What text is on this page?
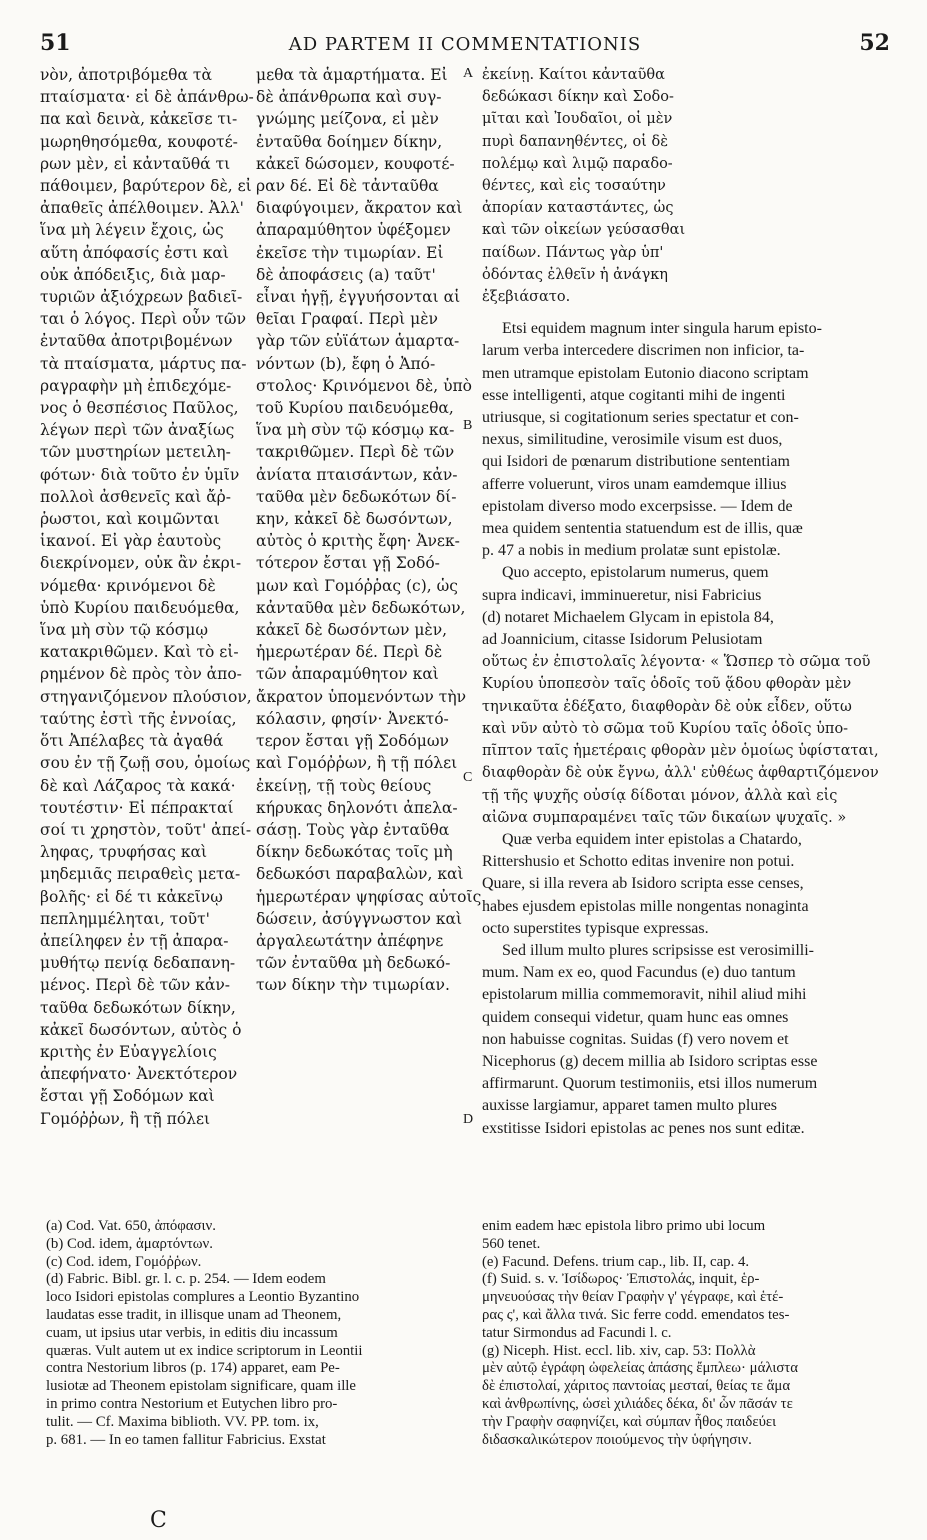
51	AD PARTEM II COMMENTATIONIS	52
νὸν, ἀποτριβόμεθα τὰ
πταίσματα· εἰ δὲ ἀπάνθρω-
πα καὶ δεινὰ, κἀκεῖσε τι-
μωρηθησόμεθα, κουφοτέ-
ρων μὲν, εἰ κἀνταῦθά τι
πάθοιμεν, βαρύτερον δὲ, εἰ
ἀπαθεῖς ἀπέλθοιμεν. Ἀλλ'
ἵνα μὴ λέγειν ἔχοις, ὡς
αὕτη ἀπόφασίς ἐστι καὶ
οὐκ ἀπόδειξις, διὰ μαρ-
τυριῶν ἀξιόχρεων βαδιεῖ-
ται ὁ λόγος. Περὶ οὖν τῶν
ἐνταῦθα ἀποτριβομένων
τὰ πταίσματα, μάρτυς πα-
ραγραφὴν μὴ ἐπιδεχόμε-
νος ὁ θεσπέσιος Παῦλος,
λέγων περὶ τῶν ἀναξίως
τῶν μυστηρίων μετειλη-
φότων· διὰ τοῦτο ἐν ὑμῖν
πολλοὶ ἀσθενεῖς καὶ ἄῤ-
ῥωστοι, καὶ κοιμῶνται
ἱκανοί. Εἰ γὰρ ἑαυτοὺς
διεκρίνομεν, οὐκ ἂν ἐκρι-
νόμεθα· κρινόμενοι δὲ
ὑπὸ Κυρίου παιδευόμεθα,
ἵνα μὴ σὺν τῷ κόσμῳ
κατακριθῶμεν. Καὶ τὸ εἰ-
ρημένον δὲ πρὸς τὸν ἀπο-
στηγανιζόμενον πλούσιον,
ταύτης ἐστὶ τῆς ἐννοίας,
ὅτι Ἀπέλαβες τὰ ἀγαθά
σου ἐν τῇ ζωῇ σου, ὁμοίως
δὲ καὶ Λάζαρος τὰ κακά·
τουτέστιν· Εἰ πέπρακταί
σοί τι χρηστὸν, τοῦτ' ἀπεί-
ληφας, τρυφήσας καὶ
μηδεμιᾶς πειραθεὶς μετα-
βολῆς· εἰ δέ τι κἀκεῖνῳ
πεπλημμέληται, τοῦτ'
ἀπείληφεν ἐν τῇ ἀπαρα-
μυθήτῳ πενίᾳ δεδαπανη-
μένος. Περὶ δὲ τῶν κἀν-
ταῦθα δεδωκότων δίκην,
κἀκεῖ δωσόντων, αὐτὸς ὁ
κριτὴς ἐν Εὐαγγελίοις
ἀπεφήνατο· Ἀνεκτότερον
ἔσται γῇ Σοδόμων καὶ
Γομόῤῥων, ἢ τῇ πόλει
μεθα τὰ ἁμαρτήματα. Εἰ
δὲ ἀπάνθρωπα καὶ συγ-
γνώμης μείζονα, εἰ μὲν
ἐνταῦθα δοίημεν δίκην,
κἀκεῖ δώσομεν, κουφοτέ-
ραν δέ. Εἰ δὲ τἀνταῦθα
διαφύγοιμεν, ἄκρατον καὶ
ἀπαραμύθητον ὑφέξομεν
ἐκεῖσε τὴν τιμωρίαν. Εἰ
δὲ ἀποφάσεις (a) ταῦτ'
εἶναι ἡγῇ, ἐγγυήσονται αἱ
θεῖαι Γραφαί. Περὶ μὲν
γὰρ τῶν εὐϊάτων ἁμαρτα-
νόντων (b), ἔφη ὁ Ἀπό-
στολος· Κρινόμενοι δὲ, ὑπὸ
τοῦ Κυρίου παιδευόμεθα,
ἵνα μὴ σὺν τῷ κόσμῳ κα-
τακριθῶμεν. Περὶ δὲ τῶν
ἀνίατα πταισάντων, κἀν-
ταῦθα μὲν δεδωκότων δί-
κην, κἀκεῖ δὲ δωσόντων,
αὐτὸς ὁ κριτὴς ἔφη· Ἀνεκ-
τότερον ἔσται γῇ Σοδό-
μων καὶ Γομόῤῥας (c), ὡς
κἀνταῦθα μὲν δεδωκότων,
κἀκεῖ δὲ δωσόντων μὲν,
ἡμερωτέραν δέ. Περὶ δὲ
τῶν ἀπαραμύθητον καὶ
ἄκρατον ὑπομενόντων τὴν
κόλασιν, φησίν· Ἀνεκτό-
τερον ἔσται γῇ Σοδόμων
καὶ Γομόῤῥων, ἢ τῇ πόλει
ἐκείνῃ, τῇ τοὺς θείους
κήρυκας δηλονότι ἀπελα-
σάσῃ. Τοὺς γὰρ ἐνταῦθα
δίκην δεδωκότας τοῖς μὴ
δεδωκόσι παραβαλὼν, καὶ
ἡμερωτέραν ψηφίσας αὐτοῖς
δώσειν, ἀσύγγνωστον καὶ
ἀργαλεωτάτην ἀπέφηνε
τῶν ἐνταῦθα μὴ δεδωκό-
των δίκην τὴν τιμωρίαν.
ἐκείνῃ. Καίτοι κἀνταῦθα
δεδώκασι δίκην καὶ Σοδο-
μῖται καὶ Ἰουδαῖοι, οἱ μὲν
πυρὶ δαπανηθέντες, οἱ δὲ
πολέμῳ καὶ λιμῷ παραδο-
θέντες, καὶ εἰς τοσαύτην
ἀπορίαν καταστάντες, ὡς
καὶ τῶν οἰκείων γεύσασθαι
παίδων. Πάντως γὰρ ὑπ'
ὀδόντας ἐλθεῖν ἡ ἀνάγκη
ἐξεβιάσατο.
Etsi equidem magnum inter singula harum episto-
larum verba intercedere discrimen non inficior, ta-
men utramque epistolam Eutonio diacono scriptam
esse intelligenti, atque cogitanti mihi de ingenti
utriusque, si cogitationum series spectatur et con-
nexus, similitudine, verosimile visum est duos,
qui Isidori de pœnarum distributione sententiam
afferre voluerunt, viros unam eamdemque illius
epistolam diverso modo excerpsisse. — Idem de
mea quidem sententia statuendum est de illis, quæ
p. 47 a nobis in medium prolatæ sunt epistolæ.
Quo accepto, epistolarum numerus, quem
supra indicavi, imminueretur, nisi Fabricius
(d) notaret Michaelem Glycam in epistola 84,
ad Joannicium, citasse Isidorum Pelusiotam
οὕτως ἐν ἐπιστολαῖς λέγοντα· « Ὥσπερ τὸ σῶμα τοῦ
Κυρίου ὑποπεσὸν ταῖς ὁδοῖς τοῦ ᾅδου φθορὰν μὲν
τηνικαῦτα ἐδέξατο, διαφθορὰν δὲ οὐκ εἶδεν, οὕτω
καὶ νῦν αὐτὸ τὸ σῶμα τοῦ Κυρίου ταῖς ὁδοῖς ὑπο-
πῖπτον ταῖς ἡμετέραις φθορὰν μὲν ὁμοίως ὑφίσταται,
διαφθορὰν δὲ οὐκ ἔγνω, ἀλλ' εὐθέως ἀφθαρτιζόμενον
τῇ τῆς ψυχῆς οὐσίᾳ δίδοται μόνον, ἀλλὰ καὶ εἰς
αἰῶνα συμπαραμένει ταῖς τῶν δικαίων ψυχαῖς. »
Quæ verba equidem inter epistolas a Chatardo,
Rittershusio et Schotto editas invenire non potui.
Quare, si illa revera ab Isidoro scripta esse censes,
habes ejusdem epistolas mille nongentas nonaginta
octo superstites typisque expressas.
Sed illum multo plures scripsisse est verosimilli-
mum. Nam ex eo, quod Facundus (e) duo tantum
epistolarum millia commemoravit, nihil aliud mihi
quidem consequi videtur, quam hunc eas omnes
non habuisse cognitas. Suidas (f) vero novem et
Nicephorus (g) decem millia ab Isidoro scriptas esse
affirmarunt. Quorum testimoniis, etsi illos numerum
auxisse largiamur, apparet tamen multo plures
exstitisse Isidori epistolas ac penes nos sunt editæ.
A
B
C
D
(a) Cod. Vat. 650, ἀπόφασιν.
(b) Cod. idem, ἁμαρτόντων.
(c) Cod. idem, Γομόῤῥων.
(d) Fabric. Bibl. gr. l. c. p. 254. — Idem eodem
loco Isidori epistolas complures a Leontio Byzantino
laudatas esse tradit, in illisque unam ad Theonem,
cuam, ut ipsius utar verbis, in editis diu incassum
quæras. Vult autem ut ex indice scriptorum in Leontii
contra Nestorium libros (p. 174) apparet, eam Pe-
lusiotæ ad Theonem epistolam significare, quam ille
in primo contra Nestorium et Eutychen libro pro-
tulit. — Cf. Maxima biblioth. VV. PP. tom. ix,
p. 681. — In eo tamen fallitur Fabricius. Exstat
enim eadem hæc epistola libro primo ubi locum
560 tenet.
(e) Facund. Defens. trium cap., lib. II, cap. 4.
(f) Suid. s. v. Ἰσίδωρος· Ἐπιστολάς, inquit, ἑρ-
μηνευούσας τὴν θείαν Γραφὴν γ' γέγραφε, καὶ ἑτέ-
ρας ς', καὶ ἄλλα τινά. Sic ferre codd. emendatos tes-
tatur Sirmondus ad Facundi l. c.
(g) Niceph. Hist. eccl. lib. xiv, cap. 53: Πολλὰ
μὲν αὐτῷ ἐγράφη ὠφελείας ἁπάσης ἔμπλεω· μάλιστα
δὲ ἐπιστολαί, χάριτος παντοίας μεσταί, θείας τε ἅμα
καὶ ἀνθρωπίνης, ὡσεὶ χιλιάδες δέκα, δι' ὧν πᾶσάν τε
τὴν Γραφὴν σαφηνίζει, καὶ σύμπαν ἦθος παιδεύει
διδασκαλικώτερον ποιούμενος τὴν ὑφήγησιν.
C
